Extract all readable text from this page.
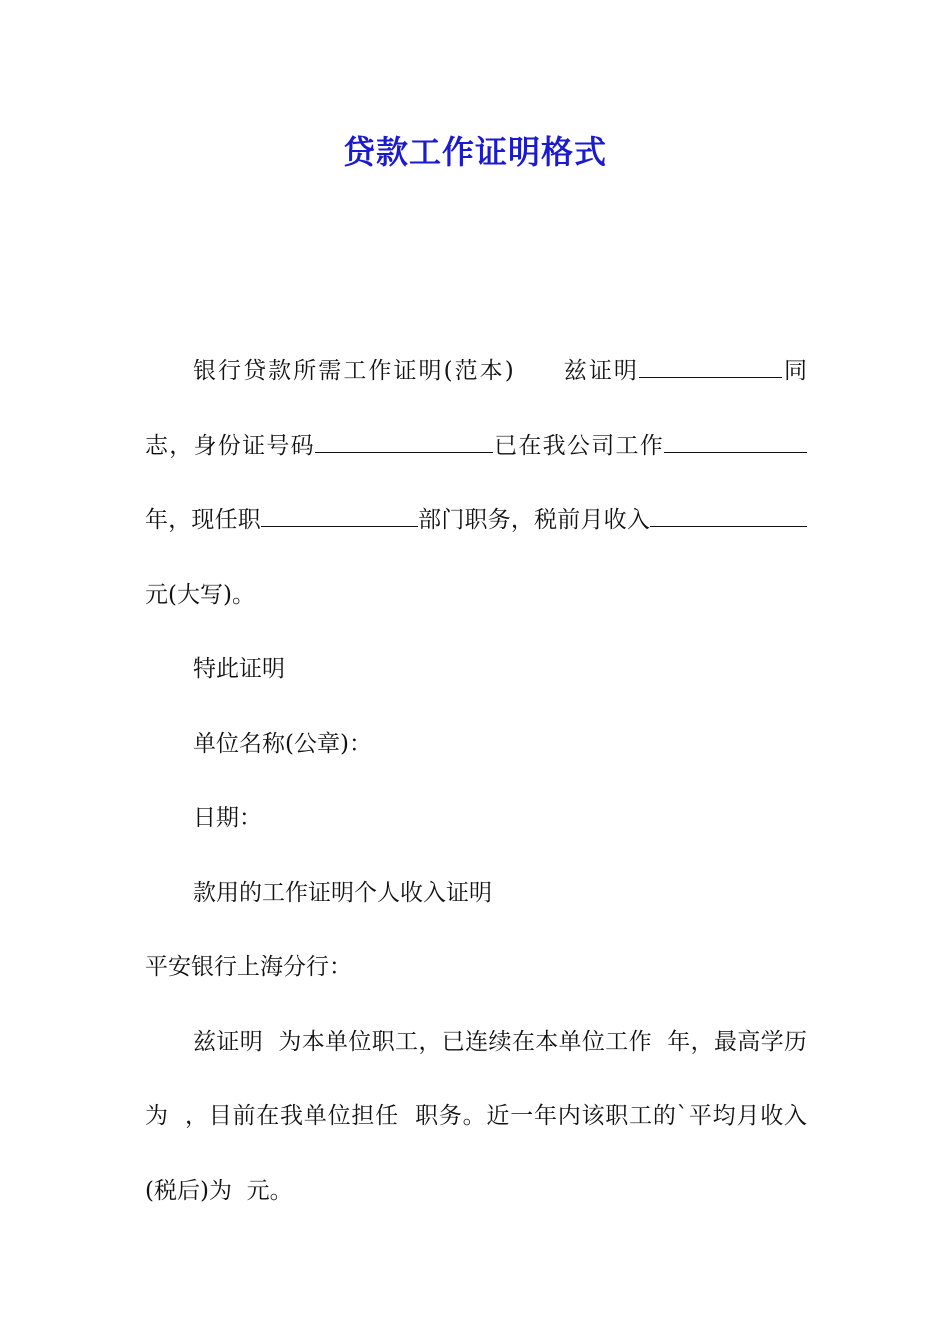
贷款工作证明格式

银行贷款所需工作证明(范本) 兹证明	同志，身份证号码	已在我公司工作年，现任职	部门职务，税前月收入元(大写)。

特此证明

单位名称(公章)：

日期：

款用的工作证明个人收入证明

平安银行上海分行：

兹证明  为本单位职工，已连续在本单位工作  年，最高学历为  ，目前在我单位担任  职务。近一年内该职工的`平均月收入(税后)为  元。
